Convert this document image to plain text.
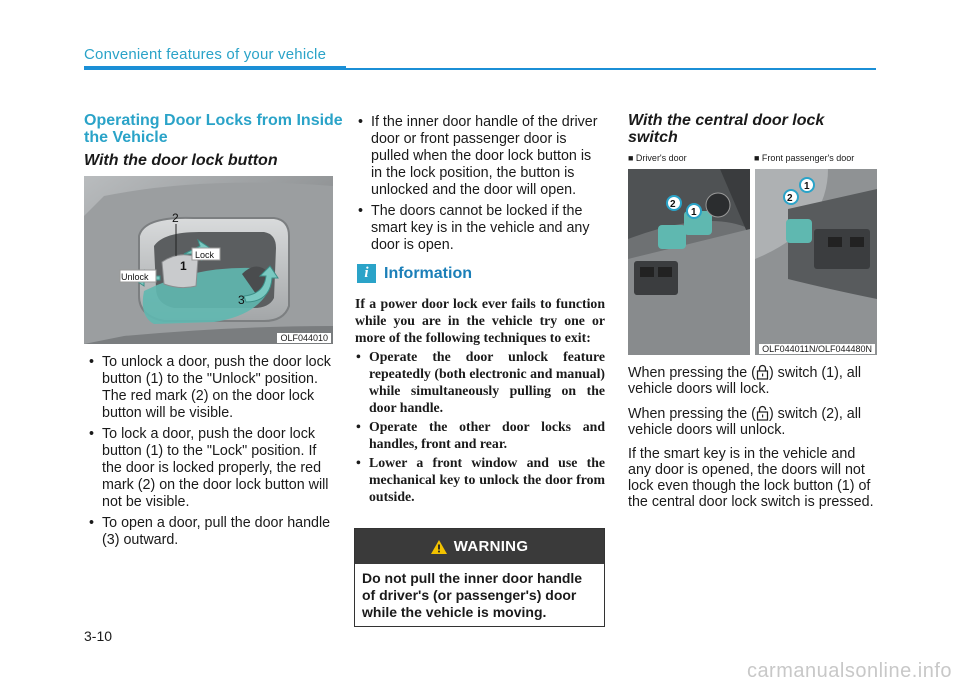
Convenient features of your vehicle
Operating Door Locks from Inside the Vehicle
With the door lock button
Unlock
Lock
2
1
3
OLF044010
• To unlock a door, push the door lock button (1) to the "Unlock" position. The red mark (2) on the door lock button will be visible.
• To lock a door, push the door lock button (1) to the "Lock" position. If the door is locked properly, the red mark (2) on the door lock button will not be visible.
• To open a door, pull the door handle (3) outward.
• If the inner door handle of the driver door or front passenger door is pulled when the door lock button is in the lock position, the button is unlocked and the door will open.
• The doors cannot be locked if the smart key is in the vehicle and any door is open.
i Information
If a power door lock ever fails to function while you are in the vehicle try one or more of the following techniques to exit:
• Operate the door unlock feature repeatedly (both electronic and manual) while simultaneously pulling on the door handle.
• Operate the other door locks and handles, front and rear.
• Lower a front window and use the mechanical key to unlock the door from outside.
WARNING
Do not pull the inner door handle of driver's (or passenger's) door while the vehicle is moving.
With the central door lock switch
■ Driver's door	■ Front passenger's door
2
1
2
1
OLF044011N/OLF044480N

When pressing the ( ) switch (1), all vehicle doors will lock.

When pressing the ( ) switch (2), all vehicle doors will unlock.

If the smart key is in the vehicle and any door is opened, the doors will not lock even though the lock button (1) of the central door lock switch is pressed.

3-10
carmanualsonline.info
